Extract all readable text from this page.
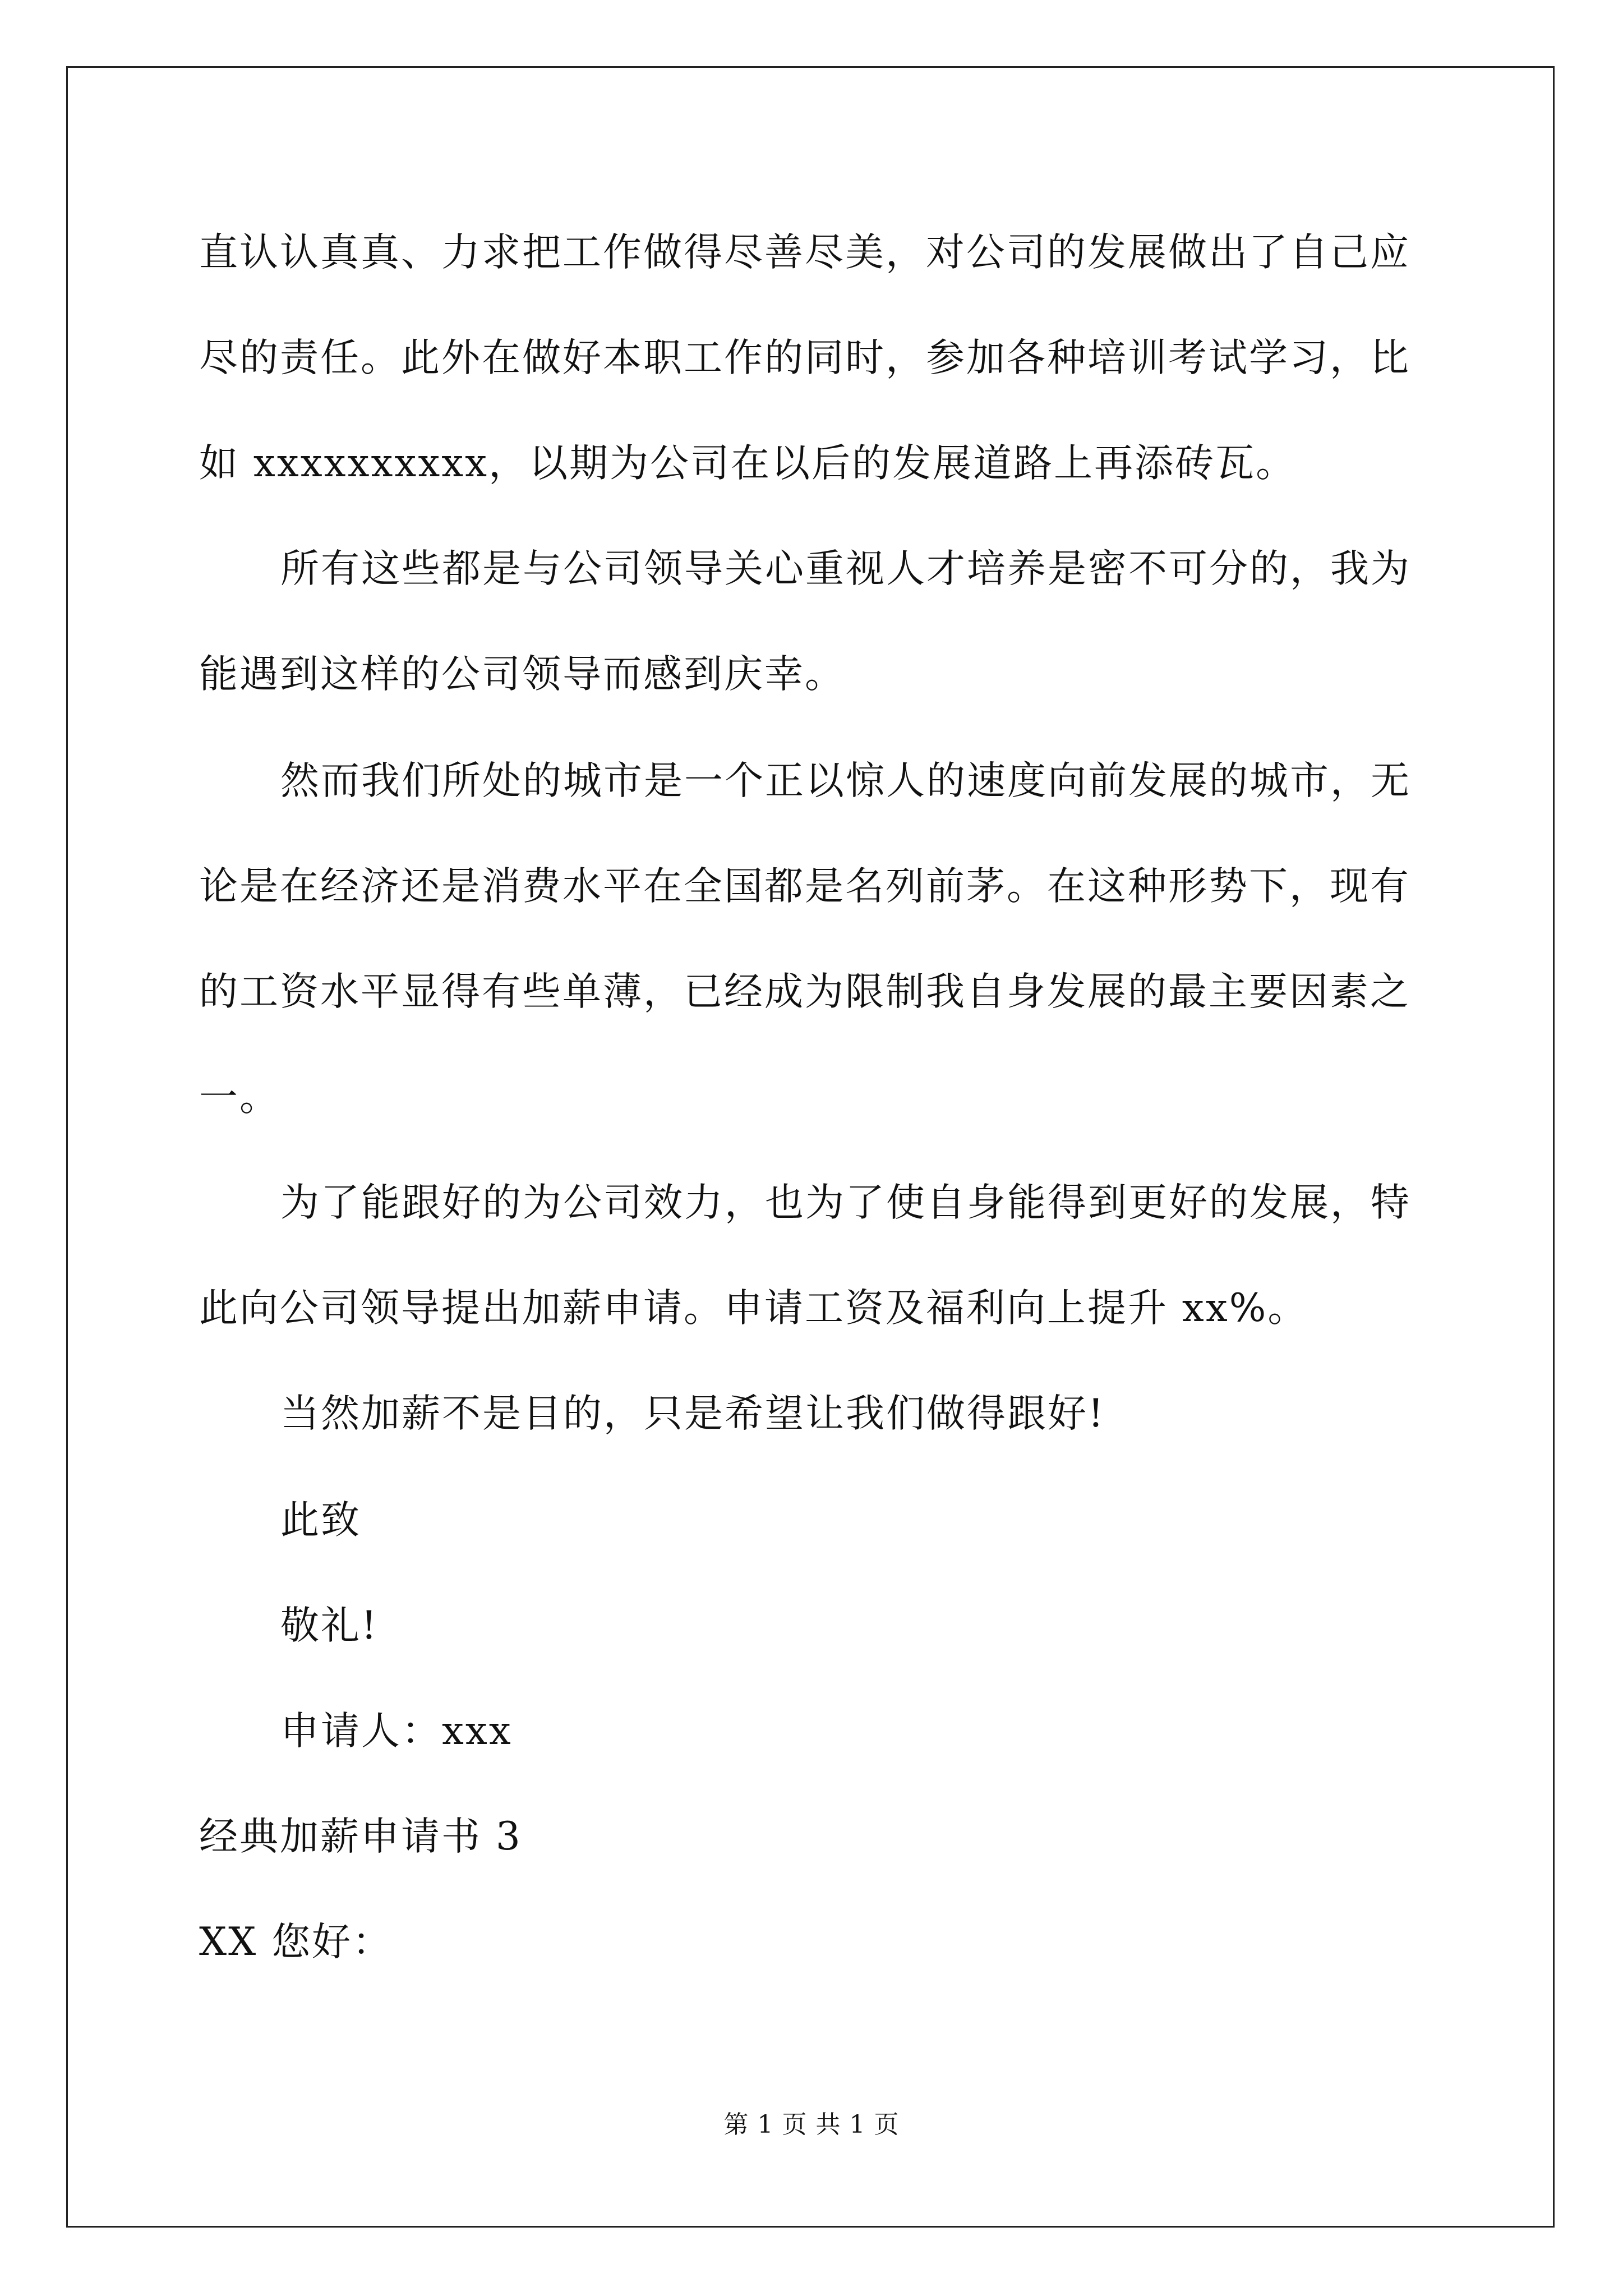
直认认真真、力求把工作做得尽善尽美，对公司的发展做出了自己应
尽的责任。此外在做好本职工作的同时，参加各种培训考试学习，比
如 xxxxxxxxxx，以期为公司在以后的发展道路上再添砖瓦。
所有这些都是与公司领导关心重视人才培养是密不可分的，我为
能遇到这样的公司领导而感到庆幸。
然而我们所处的城市是一个正以惊人的速度向前发展的城市，无
论是在经济还是消费水平在全国都是名列前茅。在这种形势下，现有
的工资水平显得有些单薄，已经成为限制我自身发展的最主要因素之
一。
为了能跟好的为公司效力，也为了使自身能得到更好的发展，特
此向公司领导提出加薪申请。申请工资及福利向上提升 xx%。
当然加薪不是目的，只是希望让我们做得跟好!
此致
敬礼!
申请人：xxx
经典加薪申请书 3
XX 您好：
第 1 页 共 1 页
